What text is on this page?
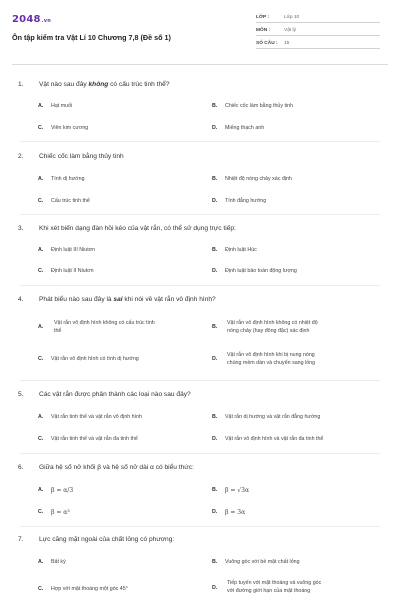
2048.vn
Ôn tập kiểm tra Vật Lí 10 Chương 7,8 (Đề số 1)
LỚP :	Lớp 10
MÔN :	Vật lý
SỐ CÂU : 15
1. Vật nào sau đây không có cấu trúc tinh thể?
A. Hạt muối	B. Chiếc cốc làm bằng thủy tinh
C. Viên kim cương	D. Miếng thạch anh
2. Chiếc cốc làm bằng thủy tinh
A. Tính dị hướng	B. Nhiệt độ nóng chảy xác định
C. Cấu trúc tinh thể	D. Tính đẳng hướng
3. Khi xét biến dạng đàn hồi kéo của vật rắn, có thể sử dụng trực tiếp:
A. Định luật III Niutơn	B. Định luật Húc
C. Định luật II Niutơn	D. Định luật bảo toàn động lượng
4. Phát biểu nào sau đây là sai khi nói về vật rắn vô định hình?
A.
Vật rắn vô định hình không có cấu trúc tinh
thể
B.
Vật rắn vô định hình không có nhiệt độ
nóng chảy (hay đông đặc) xác định
C. Vật rắn vô định hình có tính dị hướng	D.
Vật rắn vô định hình khi bị nung nóng
chúng mềm dần và chuyển sang lỏng
5. Các vật rắn được phân thành các loại nào sau đây?
A. Vật rắn tinh thể và vật rắn vô định hình	B. Vật rắn dị hướng và vật rắn đẳng hướng
C. Vật rắn tinh thể và vật rắn đa tinh thể	D. Vật rắn vô định hình và vật rắn đa tinh thể
6. Giữa hệ số nở khối β và hệ số nở dài α có biểu thức:
A. β = α/3	B. β = √3α
C. β = α³	D. β = 3α
7. Lực căng mặt ngoài của chất lỏng có phương:
A. Bất kỳ	B. Vuông góc với bề mặt chất lỏng
C. Hợp với mặt thoáng một góc 45°	D.
Tiếp tuyến với mặt thoáng và vuông góc
với đường giới hạn của mặt thoáng
